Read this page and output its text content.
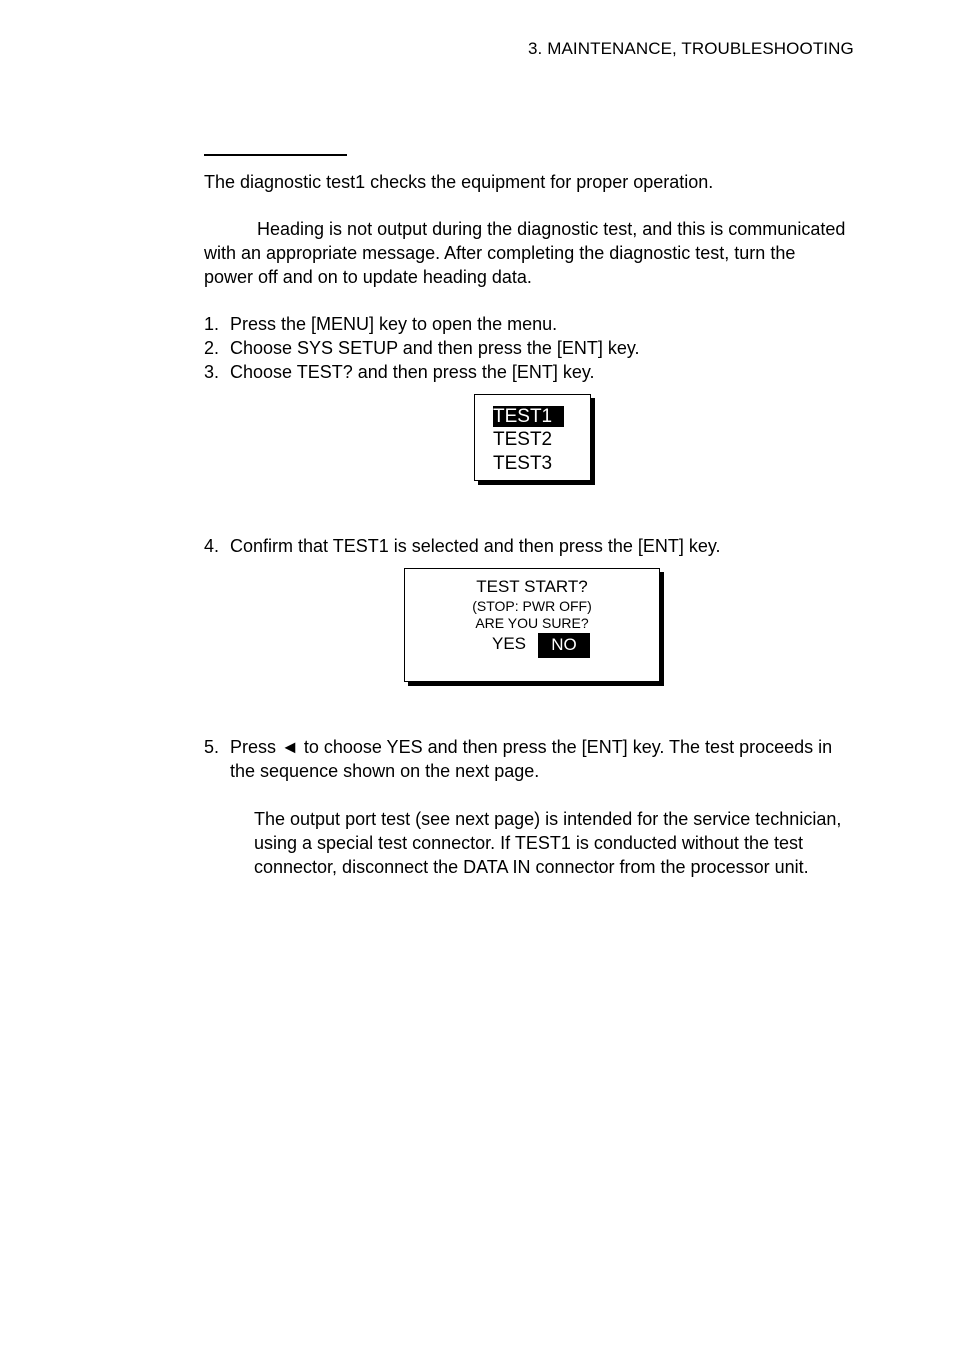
3. MAINTENANCE, TROUBLESHOOTING
The diagnostic test1 checks the equipment for proper operation.
Heading is not output during the diagnostic test, and this is communicated
with an appropriate message. After completing the diagnostic test, turn the
power off and on to update heading data.
1. Press the [MENU] key to open the menu.
2. Choose SYS SETUP and then press the [ENT] key.
3. Choose TEST? and then press the [ENT] key.
TEST1
TEST2
TEST3
4. Confirm that TEST1 is selected and then press the [ENT] key.
TEST START?
(STOP: PWR OFF)
ARE YOU SURE?
YES	NO
5. Press ◄ to choose YES and then press the [ENT] key. The test proceeds in
the sequence shown on the next page.
The output port test (see next page) is intended for the service technician,
using a special test connector. If TEST1 is conducted without the test
connector, disconnect the DATA IN connector from the processor unit.
